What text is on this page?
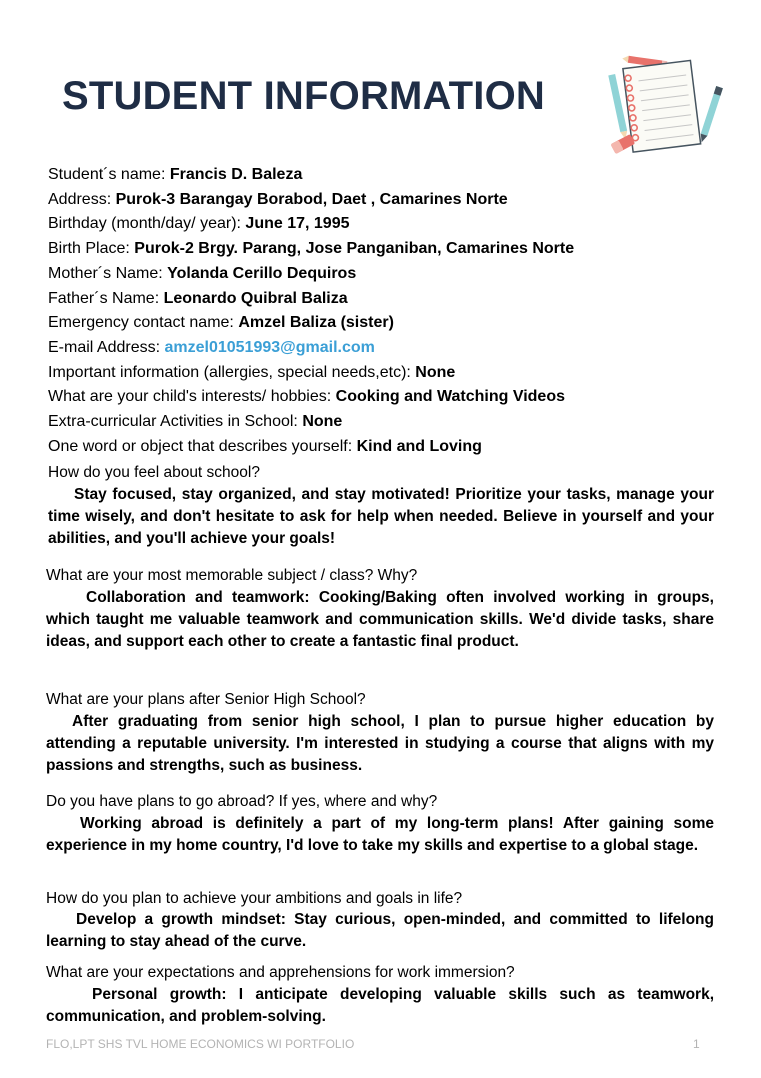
STUDENT INFORMATION
Student´s name: Francis D. Baleza
Address: Purok-3 Barangay Borabod, Daet , Camarines Norte
Birthday (month/day/ year): June 17, 1995
Birth Place: Purok-2 Brgy. Parang, Jose Panganiban, Camarines Norte
Mother´s Name: Yolanda Cerillo Dequiros
Father´s Name: Leonardo Quibral Baliza
Emergency contact name: Amzel Baliza (sister)
E-mail Address: amzel01051993@gmail.com
Important information (allergies, special needs,etc): None
What are your child's interests/ hobbies: Cooking and Watching Videos
Extra-curricular Activities in School: None
One word or object that describes yourself: Kind and Loving
How do you feel about school?
Stay focused, stay organized, and stay motivated! Prioritize your tasks, manage your time wisely, and don't hesitate to ask for help when needed. Believe in yourself and your abilities, and you'll achieve your goals!
What are your most memorable subject / class? Why?
Collaboration and teamwork: Cooking/Baking often involved working in groups, which taught me valuable teamwork and communication skills. We'd divide tasks, share ideas, and support each other to create a fantastic final product.
What are your plans after Senior High School?
After graduating from senior high school, I plan to pursue higher education by attending a reputable university. I'm interested in studying a course that aligns with my passions and strengths, such as business.
Do you have plans to go abroad? If yes, where and why?
Working abroad is definitely a part of my long-term plans! After gaining some experience in my home country, I'd love to take my skills and expertise to a global stage.
How do you plan to achieve your ambitions and goals in life?
Develop a growth mindset: Stay curious, open-minded, and committed to lifelong learning to stay ahead of the curve.
What are your expectations and apprehensions for work immersion?
Personal growth: I anticipate developing valuable skills such as teamwork, communication, and problem-solving.
FLO,LPT SHS TVL HOME ECONOMICS WI PORTFOLIO	1
